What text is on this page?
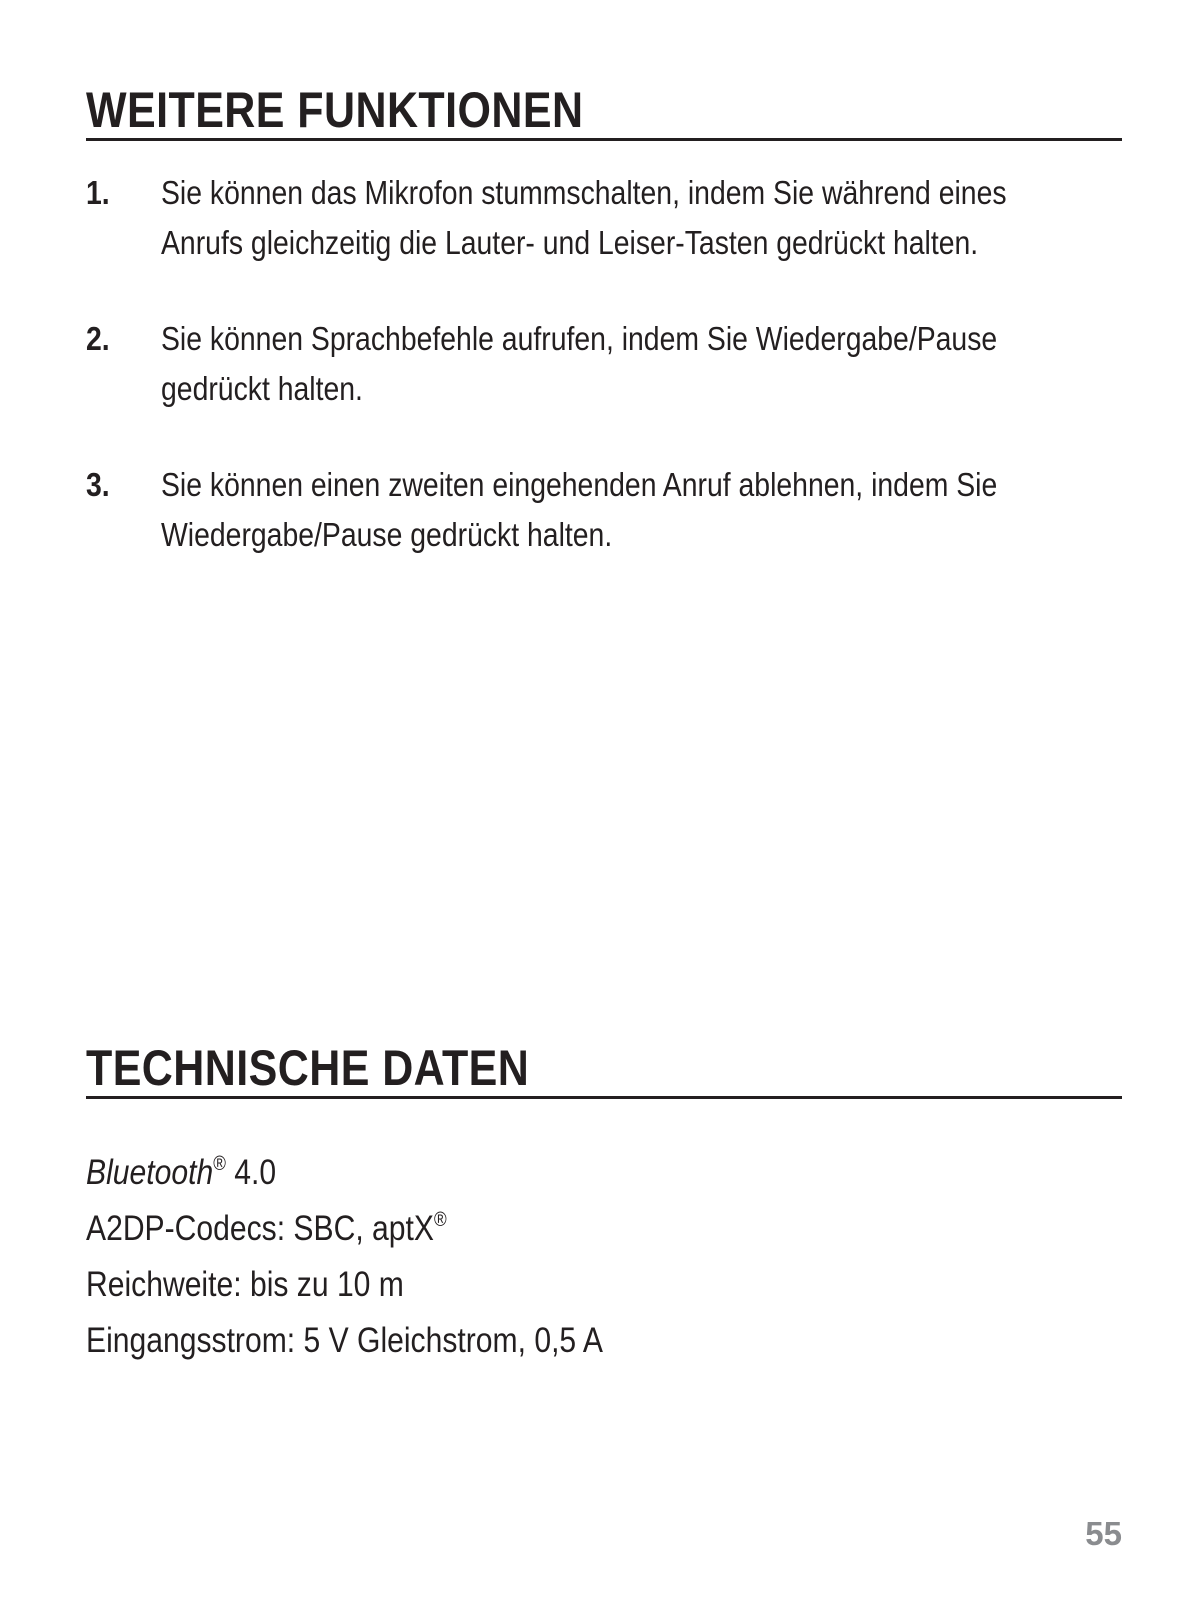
WEITERE FUNKTIONEN
1. Sie können das Mikrofon stummschalten, indem Sie während eines Anrufs gleichzeitig die Lauter- und Leiser-Tasten gedrückt halten.
2. Sie können Sprachbefehle aufrufen, indem Sie Wiedergabe/Pause gedrückt halten.
3. Sie können einen zweiten eingehenden Anruf ablehnen, indem Sie Wiedergabe/Pause gedrückt halten.
TECHNISCHE DATEN
Bluetooth® 4.0
A2DP-Codecs: SBC, aptX®
Reichweite: bis zu 10 m
Eingangsstrom: 5 V Gleichstrom, 0,5 A
55
